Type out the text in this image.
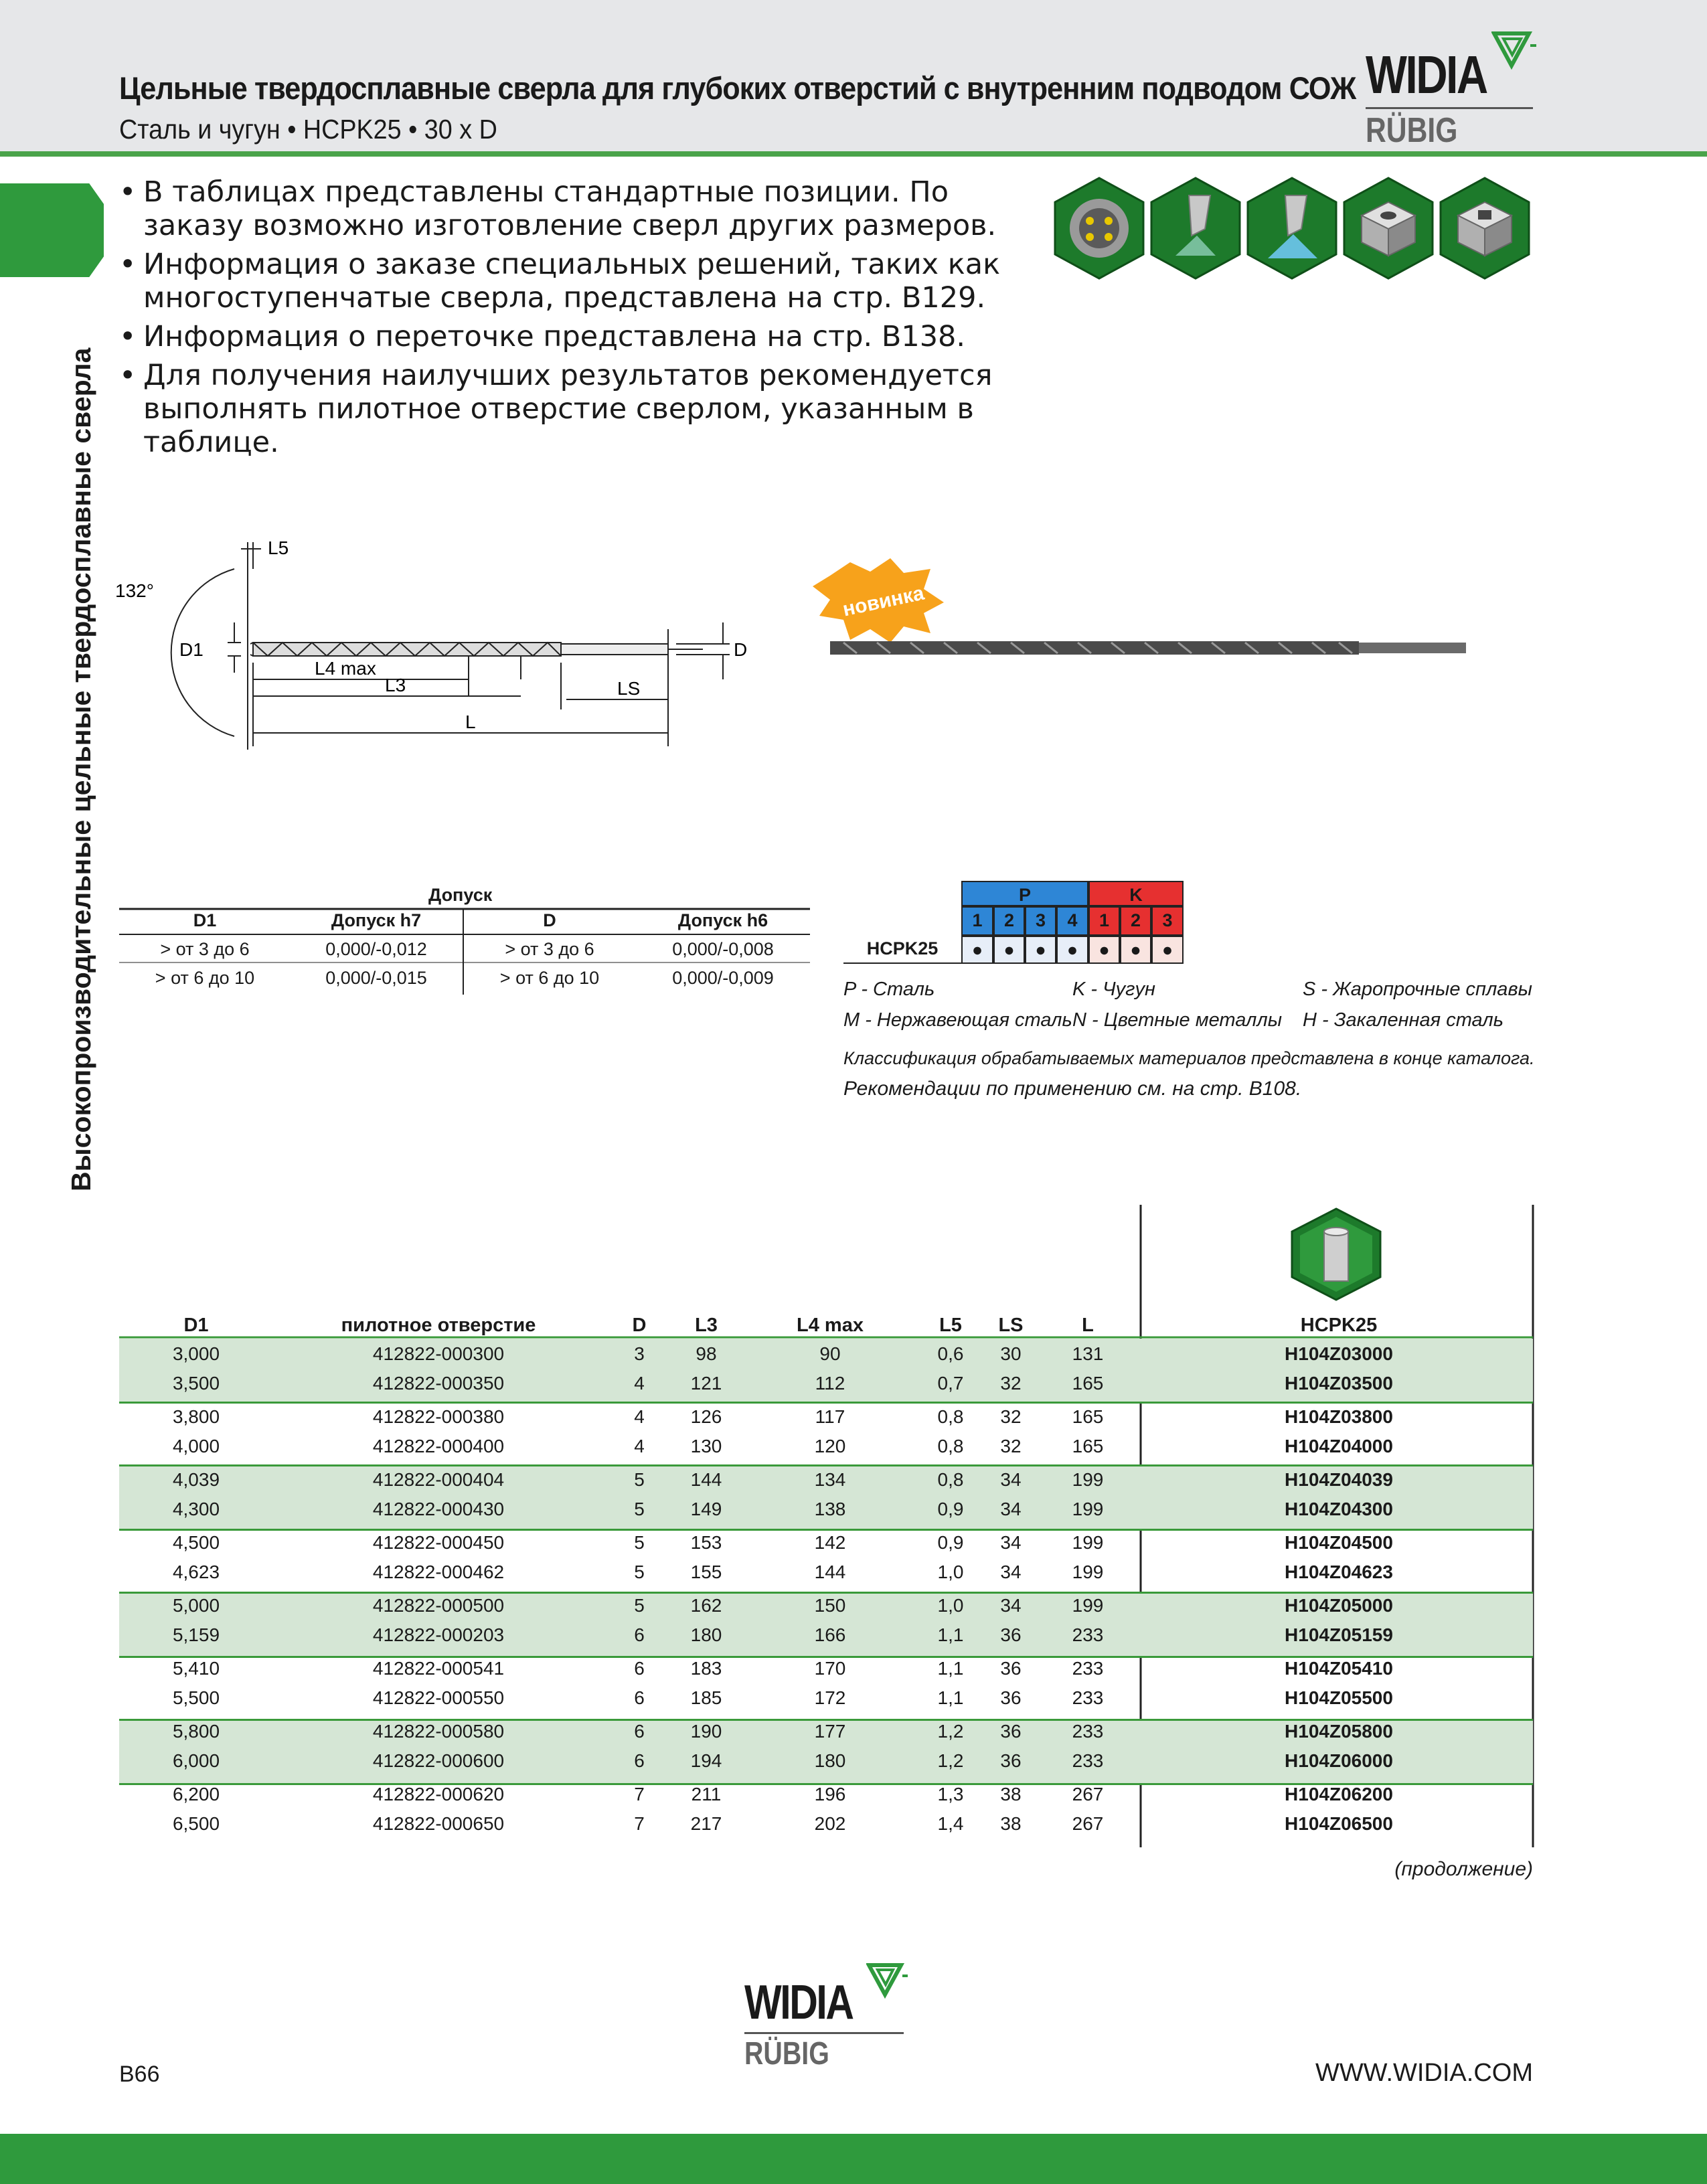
Цельные твердосплавные сверла для глубоких отверстий с внутренним подводом СОЖ
Сталь и чугун • HCPK25 • 30 x D
WIDIA
RÜBIG
Высокопроизводительные цельные твердосплавные сверла
• В таблицах представлены стандартные позиции. По заказу возможно изготовление сверл других размеров.
• Информация о заказе специальных решений, таких как многоступенчатые сверла, представлена на стр. B129.
• Информация о переточке представлена на стр. B138.
• Для получения наилучших результатов рекомендуется выполнять пилотное отверстие сверлом, указанным в таблице.
132°
L5
D1	D
L4 max
L3	LS
L
новинка
Допуск
D1	Допуск h7	D	Допуск h6
> от 3 до 6	0,000/-0,012	> от 3 до 6	0,000/-0,008
> от 6 до 10	0,000/-0,015	> от 6 до 10	0,000/-0,009
P	K
1	2	3	4	1	2	3
HCPK25	●	●	●	●	●	●	●
P - Сталь	K - Чугун	S - Жаропрочные сплавы
M - Нержавеющая сталь N - Цветные металлы H - Закаленная сталь
Классификация обрабатываемых материалов представлена в конце каталога.
Рекомендации по применению см. на стр. B108.
D1	пилотное отверстие	D	L3	L4 max	L5	LS	L	HCPK25
3,000	412822-000300	3	98	90	0,6	30	131	H104Z03000
3,500	412822-000350	4	121	112	0,7	32	165	H104Z03500
3,800	412822-000380	4	126	117	0,8	32	165	H104Z03800
4,000	412822-000400	4	130	120	0,8	32	165	H104Z04000
4,039	412822-000404	5	144	134	0,8	34	199	H104Z04039
4,300	412822-000430	5	149	138	0,9	34	199	H104Z04300
4,500	412822-000450	5	153	142	0,9	34	199	H104Z04500
4,623	412822-000462	5	155	144	1,0	34	199	H104Z04623
5,000	412822-000500	5	162	150	1,0	34	199	H104Z05000
5,159	412822-000203	6	180	166	1,1	36	233	H104Z05159
5,410	412822-000541	6	183	170	1,1	36	233	H104Z05410
5,500	412822-000550	6	185	172	1,1	36	233	H104Z05500
5,800	412822-000580	6	190	177	1,2	36	233	H104Z05800
6,000	412822-000600	6	194	180	1,2	36	233	H104Z06000
6,200	412822-000620	7	211	196	1,3	38	267	H104Z06200
6,500	412822-000650	7	217	202	1,4	38	267	H104Z06500
(продолжение)
WIDIA
RÜBIG
B66	WWW.WIDIA.COM
